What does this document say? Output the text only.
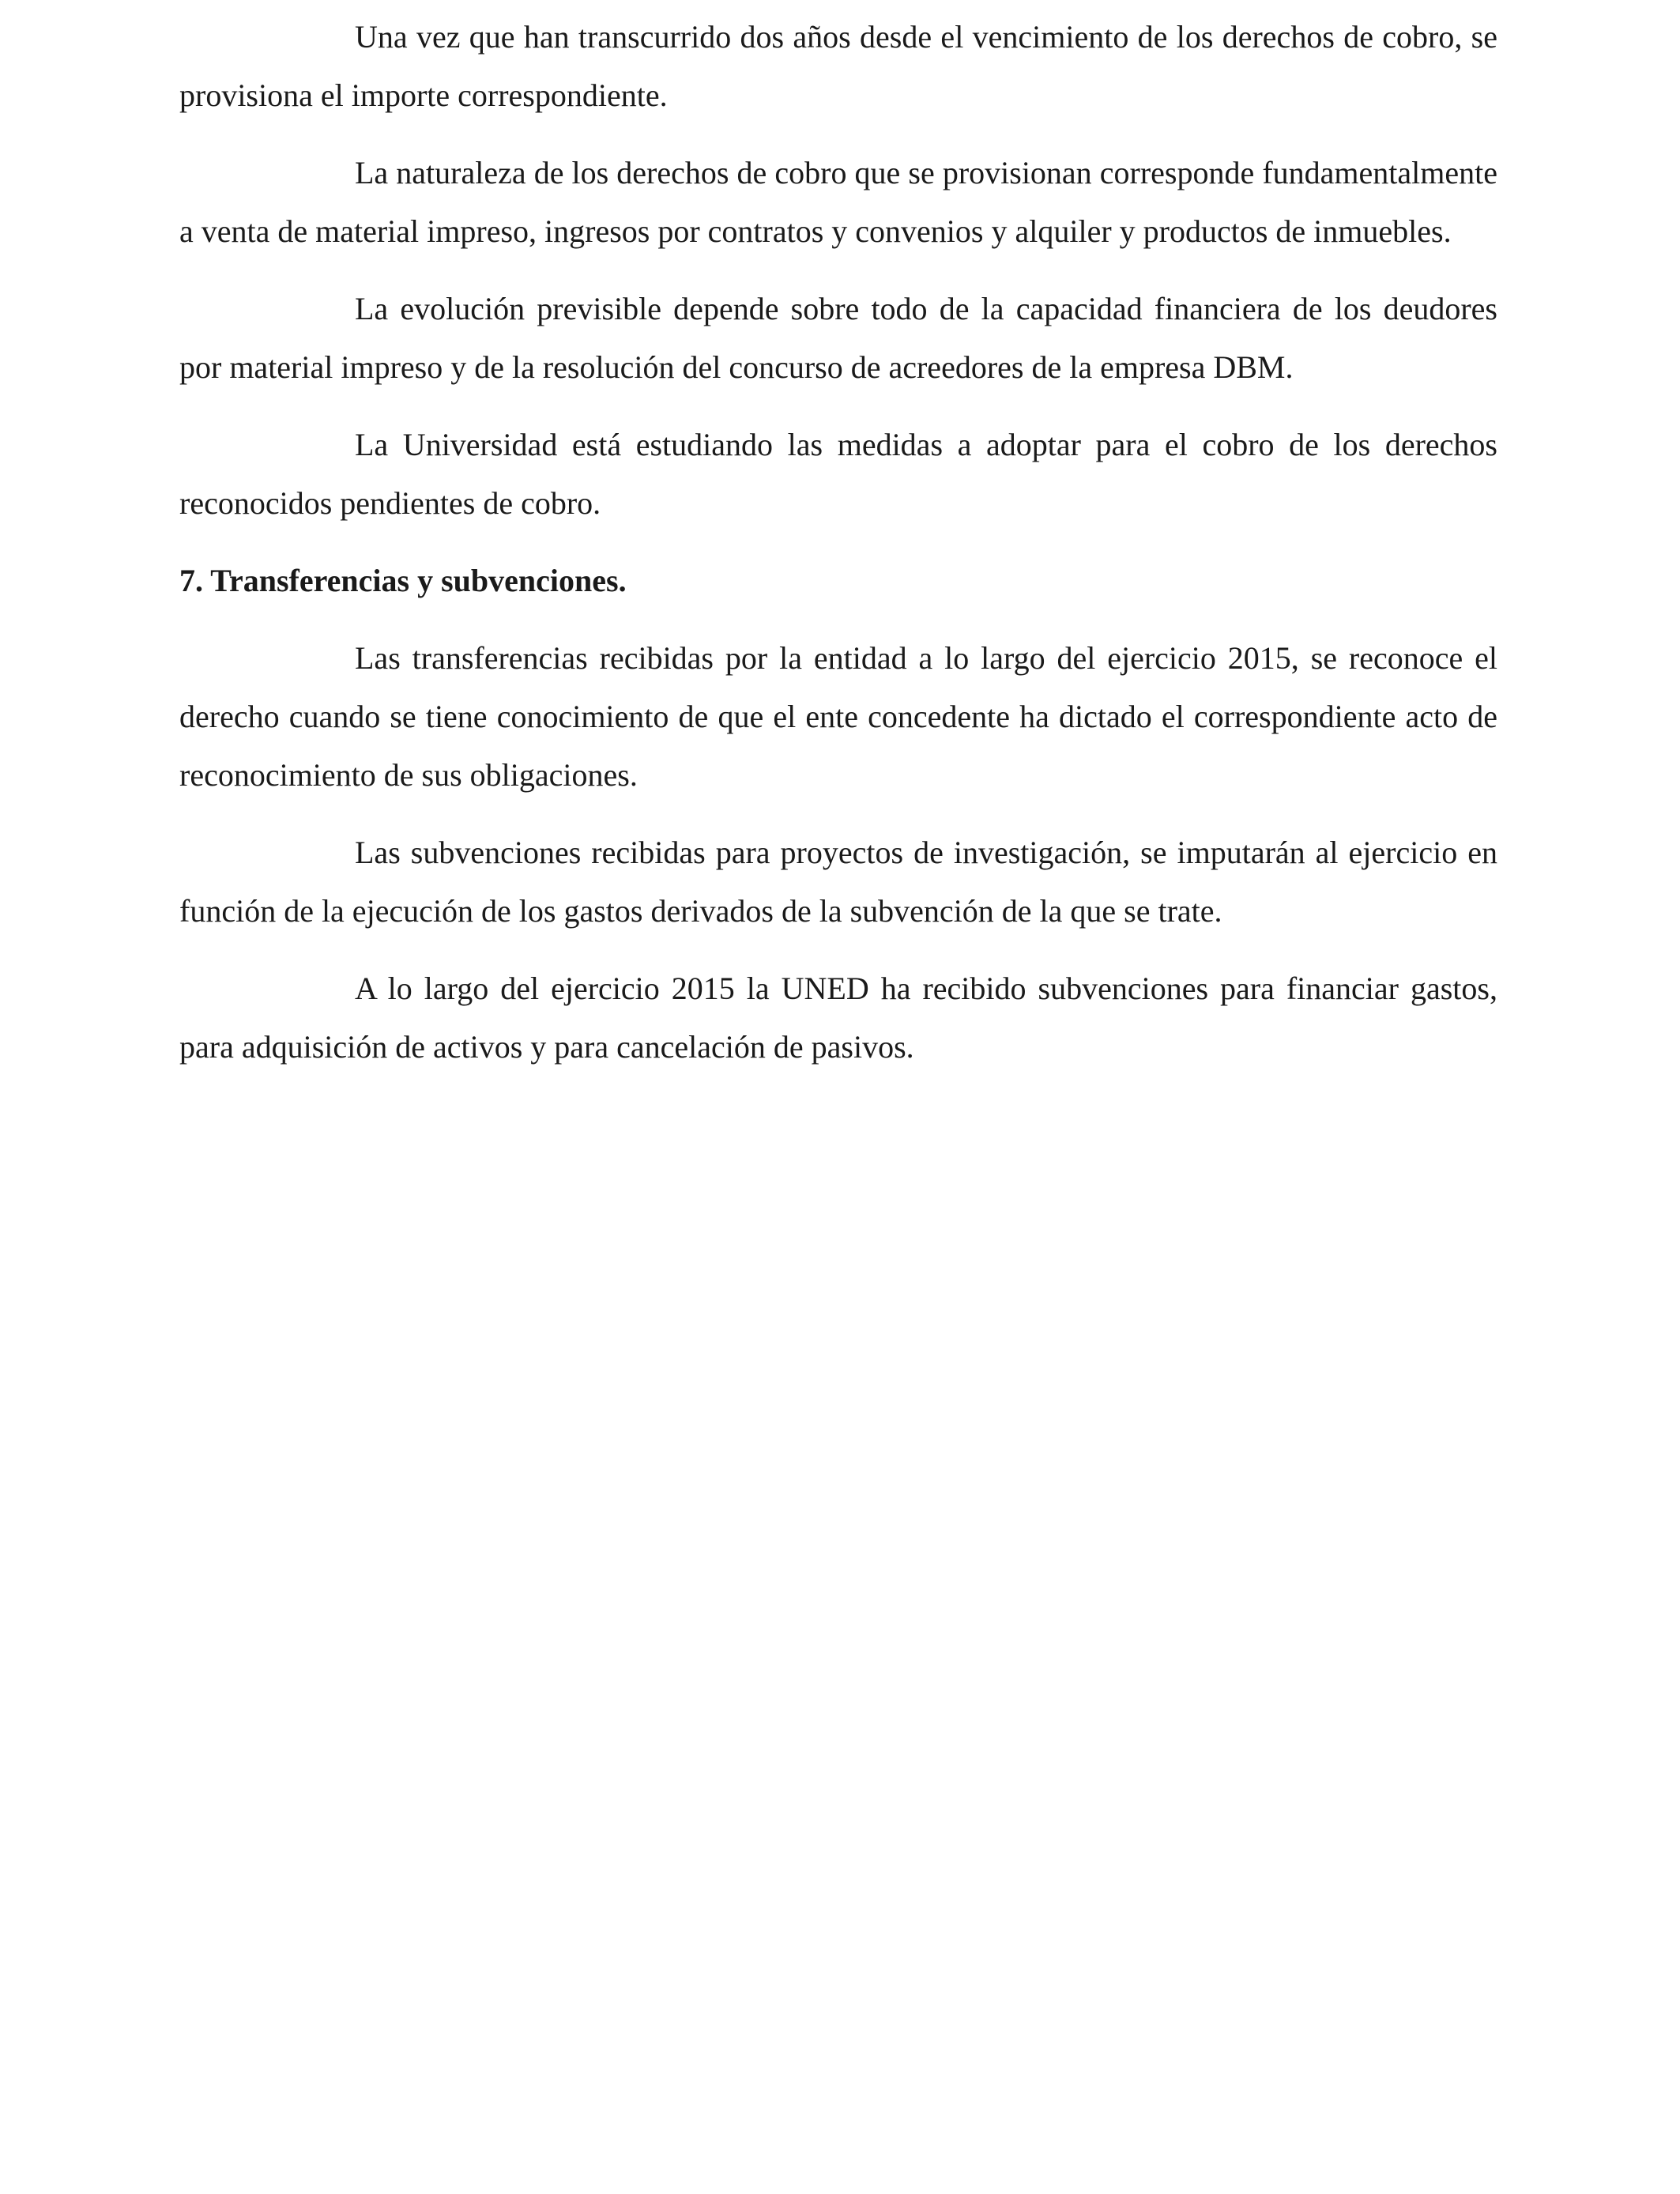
Una vez que han transcurrido dos años desde el vencimiento de los derechos de cobro, se provisiona el importe correspondiente.

La naturaleza de los derechos de cobro que se provisionan corresponde fundamentalmente a venta de material impreso, ingresos por contratos y convenios y alquiler y productos de inmuebles.

La evolución previsible depende sobre todo de la capacidad financiera de los deudores por material impreso y de la resolución del concurso de acreedores de la empresa DBM.

La Universidad está estudiando las medidas a adoptar para el cobro de los derechos reconocidos pendientes de cobro.

7. Transferencias y subvenciones.

Las transferencias recibidas por la entidad a lo largo del ejercicio 2015, se reconoce el derecho cuando se tiene conocimiento de que el ente concedente ha dictado el correspondiente acto de reconocimiento de sus obligaciones.

Las subvenciones recibidas para proyectos de investigación, se imputarán al ejercicio en función de la ejecución de los gastos derivados de la subvención de la que se trate.

A lo largo del ejercicio 2015 la UNED ha recibido subvenciones para financiar gastos, para adquisición de activos y para cancelación de pasivos.
